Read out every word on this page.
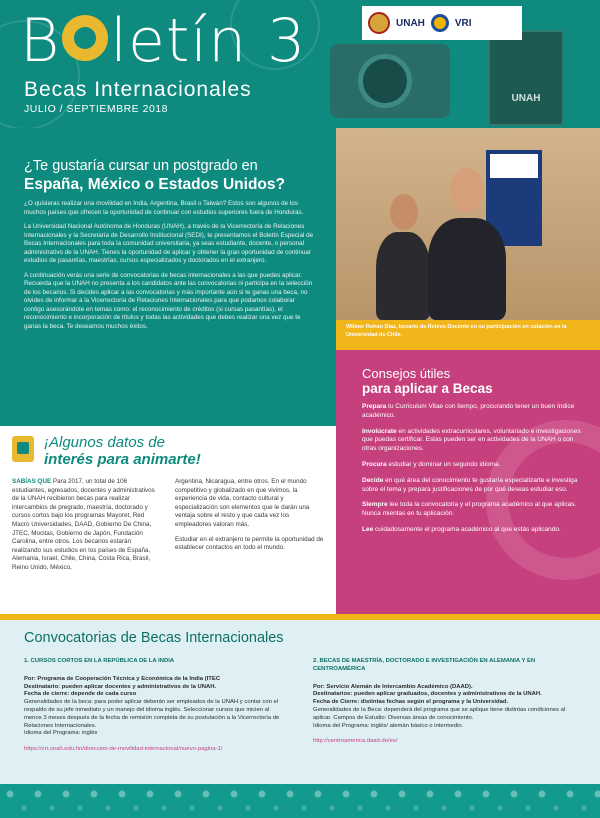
UNAH
B letín 3
Becas Internacionales
JULIO / SEPTIEMBRE 2018
UNAH	VRI
¿Te gustaría cursar un postgrado en
España, México o Estados Unidos?

¿O quisieras realizar una movilidad en India, Argentina, Brasil o Taiwán? Estos son algunos de los muchos países que ofrecen la oportunidad de continuar con estudios superiores fuera de Honduras.

La Universidad Nacional Autónoma de Honduras (UNAH), a través de la Vicerrectoría de Relaciones Internacionales y la Secretaría de Desarrollo Institucional (SEDI), te presentamos el Boletín Especial de Becas Internacionales para toda la comunidad universitaria, ya seas estudiante, docente, o personal administrativo de la UNAH. Tienes la oportunidad de aplicar y obtener la gran oportunidad de continuar estudios de pasantías, maestrías, cursos especializados y doctorados en el extranjero.

A continuación verás una serie de convocatorias de becas internacionales a las que puedes aplicar. Recuerda que la UNAH no presenta a los candidatos ante las convocatorias ni participa en la selección de los becarios. Si decides aplicar a las convocatorias y más importante aún si te ganas una beca, no olvides de informar a la Vicerrectoría de Relaciones Internacionales para que podamos colaborar contigo asesorándote en temas como: el reconocimiento de créditos (si cursas pasantías), el reconocimiento e incorporación de títulos y todas las actividades que debes realizar una vez que te ganas la beca. Te deseamos muchos éxitos.	Wilmer Rohan Díaz, becario de Relevo Docente en su participación en colación en la Universidad de Chile.
Consejos útiles
para aplicar a Becas
Prepara tu Curriculum Vitae con tiempo, procurando tener un buen índice académico.
Involúcrate en actividades extracurriculares, voluntariado e investigaciones que puedas certificar. Estas pueden ser en actividades de la UNAH o con otras organizaciones.
Procura estudiar y dominar un segundo idioma.
Decide en qué área del conocimiento te gustaría especializarte e investiga sobre el tema y prepara justificaciones de por qué deseas estudiar eso.
Siempre lee toda la convocatoria y el programa académico al que aplicas. Nunca mientas en tu aplicación.
Lee cuidadosamente el programa académico al que estás aplicando.
¡Algunos datos de
interés para animarte!

SABÍAS QUE Para 2017, un total de 106 estudiantes, egresados, docentes y administrativos de la UNAH recibieron becas para realizar intercambios de pregrado, maestría, doctorado y cursos cortos bajo los programas Mayoret, Red Macro Universidades, DAAD, Gobierno De China, JTEC, Mocitas, Gobierno de Japón, Fundación Carolina, entre otros. Los becarios estarán realizando sus estudios en los países de España, Alemania, Israel, Chile, China, Costa Rica, Brasil, Reino Unido, México,

Argentina, Nicaragua, entre otros. En el mundo competitivo y globalizado en que vivimos, la experiencia de vida, contacto cultural y especialización son elementos que le darán una ventaja sobre el resto y que cada vez los empleadores valoran más.

Estudiar en el extranjero te permite la oportunidad de establecer contactos en todo el mundo.

Convocatorias de Becas Internacionales
1. CURSOS CORTOS EN LA REPÚBLICA DE LA INDIA

Por: Programa de Cooperación Técnica y Económica de la India (ITEC

Destinatario: pueden aplicar docentes y administrativos de la UNAH.

Fecha de cierre: depende de cada curso

Generalidades de la beca: para poder aplicar deberán ser empleados de la UNAH y contar con el respaldo de su jefe inmediato y un manejo del idioma inglés. Seleccionar cursos que inicien al menos 3 meses después de la fecha de remisión completa de su postulación a la Vicerrectoría de Relaciones Internacionales.

Idioma del Programa: inglés

https://vri.unah.edu.hn/direccion-de-movilidad-internacional/nuevo-pagina-1/

2. BECAS DE MAESTRÍA, DOCTORADO E INVESTIGACIÓN EN ALEMANIA Y EN CENTROAMÉRICA

Por: Servicio Alemán de Intercambio Académico (DAAD).

Destinatarios: pueden aplicar graduados, docentes y administrativos de la UNAH.

Fecha de Cierre: distintas fechas según el programa y la Universidad.

Generalidades de la Beca: dependerá del programa que se aplique tiene distintas condiciones al aplicar. Campos de Estudio: Diversas áreas de conocimiento.

Idioma del Programa: inglés/ alemán básico o intermedio.

http://centroamerica.daad.de/es/
